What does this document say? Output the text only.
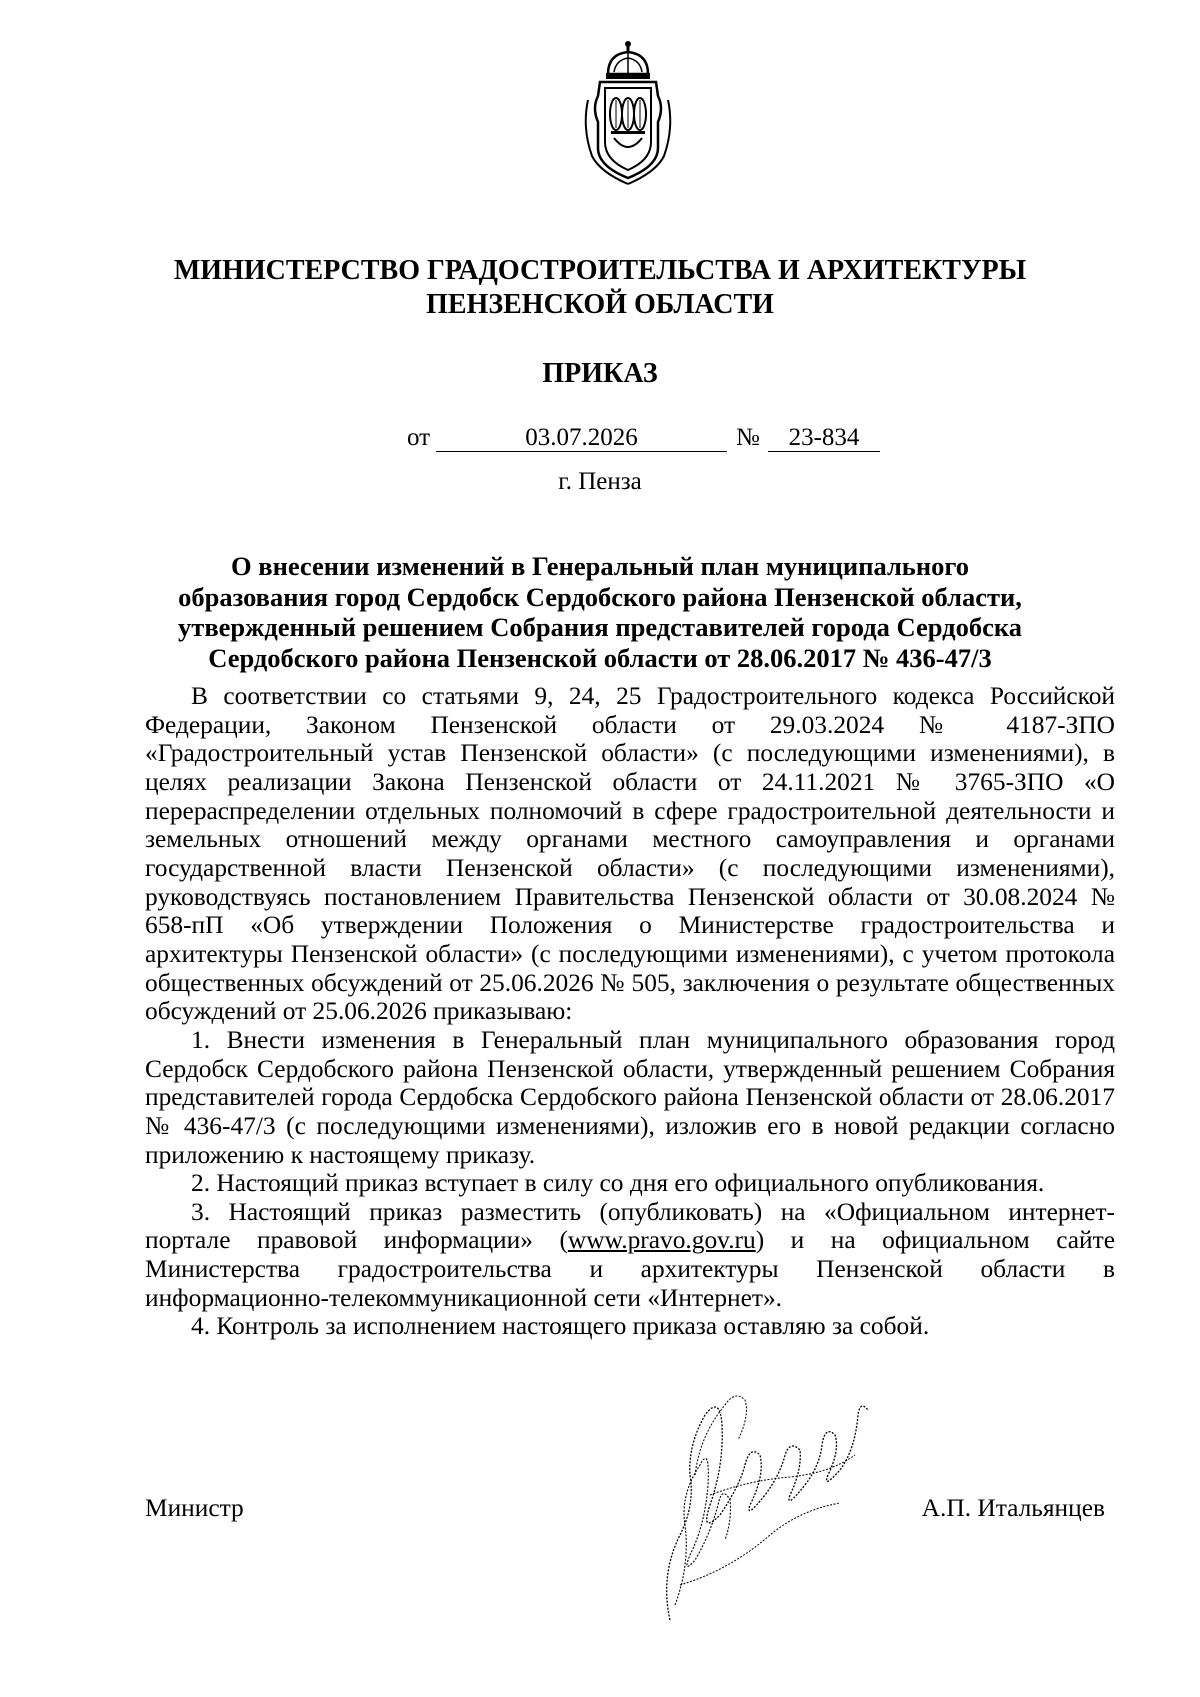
МИНИСТЕРСТВО ГРАДОСТРОИТЕЛЬСТВА И АРХИТЕКТУРЫ
ПЕНЗЕНСКОЙ ОБЛАСТИ
ПРИКАЗ
от	03.07.2026	№	23-834
г. Пенза
О внесении изменений в Генеральный план муниципального
образования город Сердобск Сердобского района Пензенской области,
утвержденный решением Собрания представителей города Сердобска
Сердобского района Пензенской области от 28.06.2017 № 436-47/3

В соответствии со статьями 9, 24, 25 Градостроительного кодекса Российской Федерации, Законом Пензенской области от 29.03.2024 № 4187-ЗПО «Градостроительный устав Пензенской области» (с последующими изменениями), в целях реализации Закона Пензенской области от 24.11.2021 № 3765-ЗПО «О перераспределении отдельных полномочий в сфере градостроительной деятельности и земельных отношений между органами местного самоуправления и органами государственной власти Пензенской области» (с последующими изменениями), руководствуясь постановлением Правительства Пензенской области от 30.08.2024 № 658-пП «Об утверждении Положения о Министерстве градостроительства и архитектуры Пензенской области» (с последующими изменениями), с учетом протокола общественных обсуждений от 25.06.2026 № 505, заключения о результате общественных обсуждений от 25.06.2026 приказываю:

1. Внести изменения в Генеральный план муниципального образования город Сердобск Сердобского района Пензенской области, утвержденный решением Собрания представителей города Сердобска Сердобского района Пензенской области от 28.06.2017 № 436-47/3 (с последующими изменениями), изложив его в новой редакции согласно приложению к настоящему приказу.

2. Настоящий приказ вступает в силу со дня его официального опубликования.

3. Настоящий приказ разместить (опубликовать) на «Официальном интернет-портале правовой информации» (www.pravo.gov.ru) и на официальном сайте Министерства градостроительства и архитектуры Пензенской области в информационно-телекоммуникационной сети «Интернет».

4. Контроль за исполнением настоящего приказа оставляю за собой.

Министр	А.П. Итальянцев
